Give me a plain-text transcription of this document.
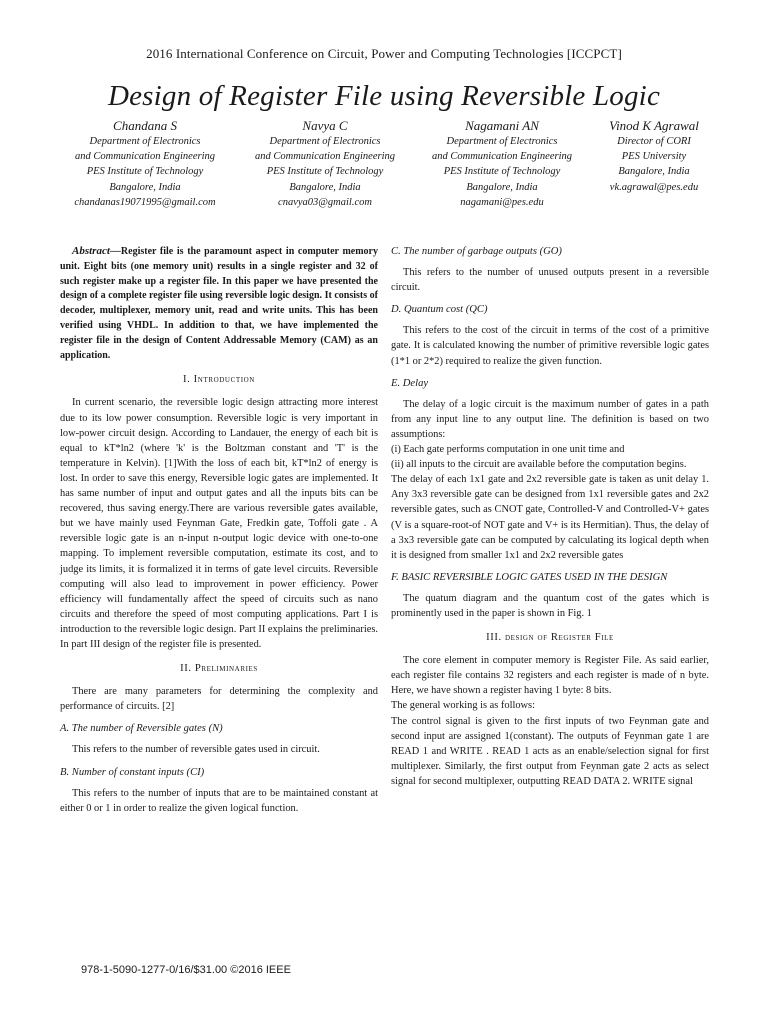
2016 International Conference on Circuit, Power and Computing Technologies [ICCPCT]
Design of Register File using Reversible Logic
Chandana S
Department of Electronics
and Communication Engineering
PES Institute of Technology
Bangalore, India
chandanas19071995@gmail.com
Navya C
Department of Electronics
and Communication Engineering
PES Institute of Technology
Bangalore, India
cnavya03@gmail.com
Nagamani AN
Department of Electronics
and Communication Engineering
PES Institute of Technology
Bangalore, India
nagamani@pes.edu
Vinod K Agrawal
Director of CORI
PES University
Bangalore, India
vk.agrawal@pes.edu

Abstract—Register file is the paramount aspect in computer memory unit. Eight bits (one memory unit) results in a single register and 32 of such register make up a register file. In this paper we have presented the design of a complete register file using reversible logic design. It consists of decoder, multiplexer, memory unit, read and write units. This has been verified using VHDL. In addition to that, we have implemented the register file in the design of Content Addressable Memory (CAM) as an application.

I. Introduction

In current scenario, the reversible logic design attracting more interest due to its low power consumption. Reversible logic is very important in low-power circuit design. According to Landauer, the energy of each bit is equal to kT*ln2 (where 'k' is the Boltzman constant and 'T' is the temperature in Kelvin). [1]With the loss of each bit, kT*ln2 of energy is lost. In order to save this energy, Reversible logic gates are implemented. It has same number of input and output gates and all the inputs bits can be recovered, thus saving energy.There are various reversible gates available, but we have mainly used Feynman Gate, Fredkin gate, Toffoli gate . A reversible logic gate is an n-input n-output logic device with one-to-one mapping. To implement reversible computation, estimate its cost, and to judge its limits, it is formalized it in terms of gate level circuits. Reversible computing will also lead to improvement in power efficiency. Power efficiency will fundamentally affect the speed of circuits such as nano circuits and therefore the speed of most computing applications. Part I is introduction to the reversible logic design. Part II explains the preliminaries. In part III design of the register file is presented.

II. Preliminaries

There are many parameters for determining the complexity and performance of circuits. [2]

A. The number of Reversible gates (N)

This refers to the number of reversible gates used in circuit.

B. Number of constant inputs (CI)

This refers to the number of inputs that are to be maintained constant at either 0 or 1 in order to realize the given logical function.

C. The number of garbage outputs (GO)

This refers to the number of unused outputs present in a reversible circuit.

D. Quantum cost (QC)

This refers to the cost of the circuit in terms of the cost of a primitive gate. It is calculated knowing the number of primitive reversible logic gates (1*1 or 2*2) required to realize the given function.

E. Delay

The delay of a logic circuit is the maximum number of gates in a path from any input line to any output line. The definition is based on two assumptions:

(i) Each gate performs computation in one unit time and

(ii) all inputs to the circuit are available before the computation begins.

The delay of each 1x1 gate and 2x2 reversible gate is taken as unit delay 1. Any 3x3 reversible gate can be designed from 1x1 reversible gates and 2x2 reversible gates, such as CNOT gate, Controlled-V and Controlled-V+ gates (V is a square-root-of NOT gate and V+ is its Hermitian). Thus, the delay of a 3x3 reversible gate can be computed by calculating its logical depth when it is designed from smaller 1x1 and 2x2 reversible gates

F. BASIC REVERSIBLE LOGIC GATES USED IN THE DESIGN

The quatum diagram and the quantum cost of the gates which is prominently used in the paper is shown in Fig. 1

III. design of Register File

The core element in computer memory is Register File. As said earlier, each register file contains 32 registers and each register is made of n byte. Here, we have shown a register having 1 byte: 8 bits.

The general working is as follows:

The control signal is given to the first inputs of two Feynman gate and second input are assigned 1(constant). The outputs of Feynman gate 1 are READ 1 and WRITE . READ 1 acts as an enable/selection signal for first multiplexer. Similarly, the first output from Feynman gate 2 acts as select signal for second multiplexer, outputting READ DATA 2. WRITE signal

978-1-5090-1277-0/16/$31.00 ©2016 IEEE
